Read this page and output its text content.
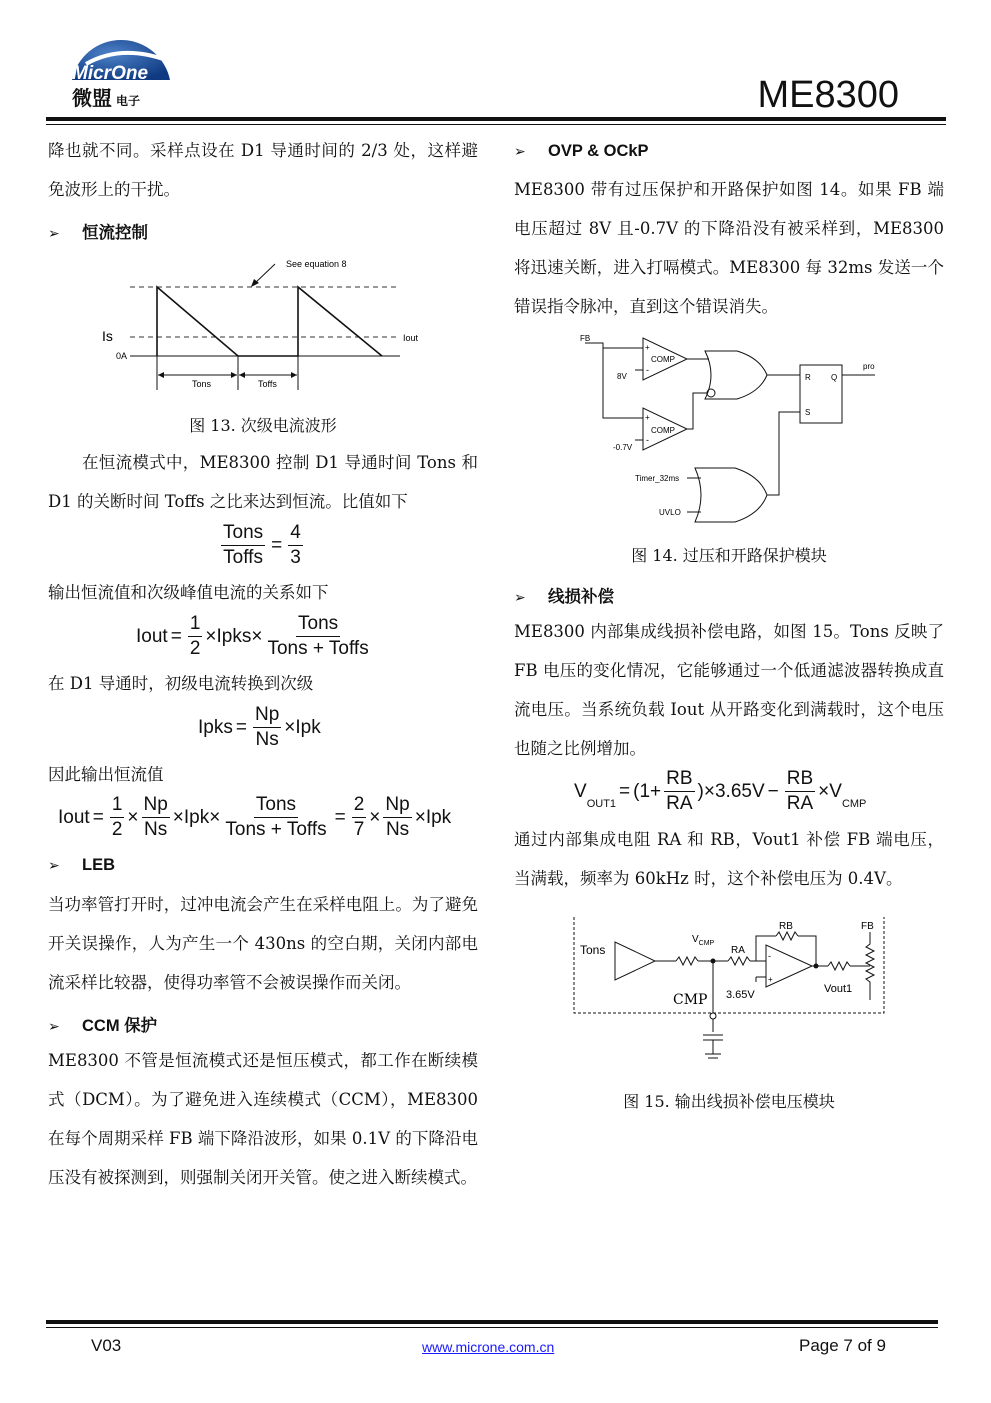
MicrOne
微盟 电子	ME8300

降也就不同。采样点设在 D1 导通时间的 2/3 处，这样避免波形上的干扰。

➢ 恒流控制
See equation 8
Is
0A
Iout
Tons	Toffs
图 13. 次级电流波形

在恒流模式中，ME8300 控制 D1 导通时间 Tons 和 D1 的关断时间 Toffs 之比来达到恒流。比值如下

$\frac{\text{Tons}}{\text{Toffs}} = \frac{4}{3}$

输出恒流值和次级峰值电流的关系如下

Iout = $\frac{1}{2}$ × Ipks × $\frac{\text{Tons}}{\text{Tons + Toffs}}$

在 D1 导通时，初级电流转换到次级

Ipks = $\frac{Np}{Ns}$ × Ipk

因此输出恒流值

Iout = $\frac{1}{2} \times \frac{Np}{Ns}$ × Ipk × $\frac{\text{Tons}}{\text{Tons + Toffs}} = \frac{2}{7} \times \frac{Np}{Ns}$ × Ipk
➢ LEB

当功率管打开时，过冲电流会产生在采样电阻上。为了避免开关误操作，人为产生一个 430ns 的空白期，关闭内部电流采样比较器，使得功率管不会被误操作而关闭。

➢ CCM 保护

ME8300 不管是恒流模式还是恒压模式，都工作在断续模式（DCM）。为了避免进入连续模式（CCM），ME8300 在每个周期采样 FB 端下降沿波形，如果 0.1V 的下降沿电压没有被探测到，则强制关闭开关管。使之进入断续模式。

➢ OVP & OCkP

ME8300 带有过压保护和开路保护如图 14。如果 FB 端电压超过 8V 且-0.7V 的下降沿没有被采样到，ME8300 将迅速关断，进入打嗝模式。ME8300 每 32ms 发送一个错误指令脉冲，直到这个错误消失。

FB
+
-
COMP
8V
+
-
COMP
-0.7V
R	Q
S
pro
Timer_32ms
UVLO
图 14. 过压和开路保护模块
➢ 线损补偿

ME8300 内部集成线损补偿电路，如图 15。Tons 反映了 FB 电压的变化情况，它能够通过一个低通滤波器转换成直流电压。当系统负载 Iout 从开路变化到满载时，这个电压也随之比例增加。

V
$_{OUT1}$
= ($1+ \frac{RB}{RA}$ ) × $3.65V - \frac{RB}{RA} \times V$
$_{CMP}$

通过内部集成电阻 RA 和 RB，Vout1 补偿 FB 端电压，当满载，频率为 60kHz 时，这个补偿电压为 0.4V。

Tons
$V_{CMP}$
RA
RB	FB
-
+
CMP 3.65V	Vout1
图 15. 输出线损补偿电压模块
V03	www.microne.com.cn	Page 7 of 9
